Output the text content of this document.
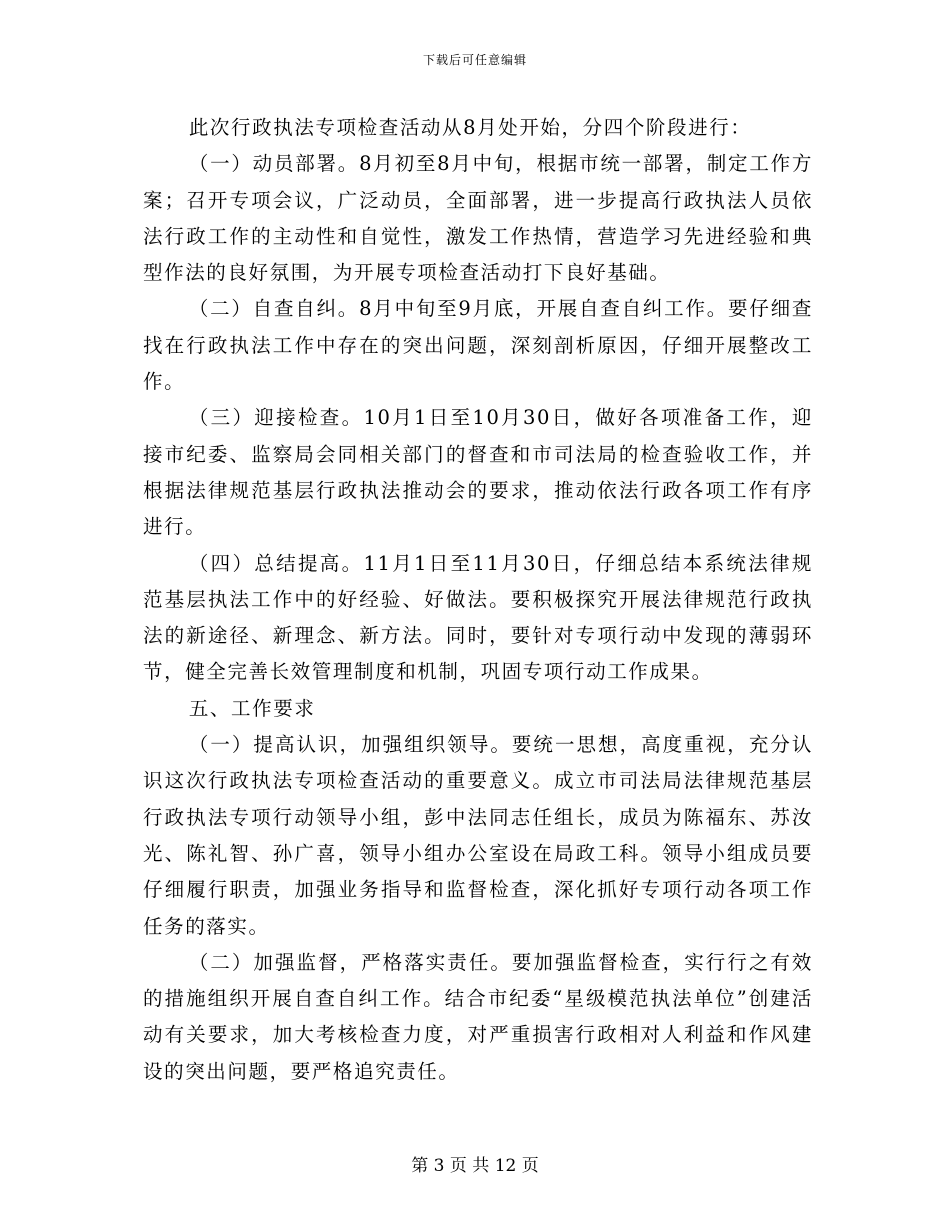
下载后可任意编辑

此次行政执法专项检查活动从8月处开始，分四个阶段进行：

（一）动员部署。8月初至8月中旬，根据市统一部署，制定工作方案；召开专项会议，广泛动员，全面部署，进一步提高行政执法人员依法行政工作的主动性和自觉性，激发工作热情，营造学习先进经验和典型作法的良好氛围，为开展专项检查活动打下良好基础。

（二）自查自纠。8月中旬至9月底，开展自查自纠工作。要仔细查找在行政执法工作中存在的突出问题，深刻剖析原因，仔细开展整改工作。

（三）迎接检查。10月1日至10月30日，做好各项准备工作，迎接市纪委、监察局会同相关部门的督查和市司法局的检查验收工作，并根据法律规范基层行政执法推动会的要求，推动依法行政各项工作有序进行。

（四）总结提高。11月1日至11月30日，仔细总结本系统法律规范基层执法工作中的好经验、好做法。要积极探究开展法律规范行政执法的新途径、新理念、新方法。同时，要针对专项行动中发现的薄弱环节，健全完善长效管理制度和机制，巩固专项行动工作成果。

五、工作要求

（一）提高认识，加强组织领导。要统一思想，高度重视，充分认识这次行政执法专项检查活动的重要意义。成立市司法局法律规范基层行政执法专项行动领导小组，彭中法同志任组长，成员为陈福东、苏汝光、陈礼智、孙广喜，领导小组办公室设在局政工科。领导小组成员要仔细履行职责，加强业务指导和监督检查，深化抓好专项行动各项工作任务的落实。

（二）加强监督，严格落实责任。要加强监督检查，实行行之有效的措施组织开展自查自纠工作。结合市纪委“星级模范执法单位”创建活动有关要求，加大考核检查力度，对严重损害行政相对人利益和作风建设的突出问题，要严格追究责任。

第 3 页 共 12 页
